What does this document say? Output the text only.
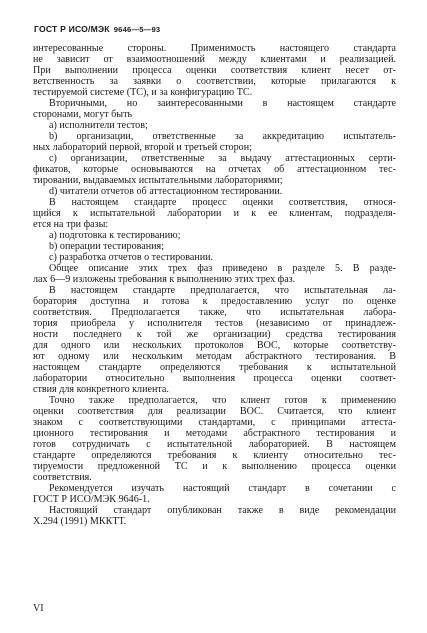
ГОСТ Р ИСО/МЭК 9646—5—93
интересованные стороны. Применимость настоящего стандарта
не зависит от взаимоотношений между клиентами и реализацией.
При выполнении процесса оценки соответствия клиент несет от-
ветственность за заявки о соответствии, которые прилагаются к
тестируемой системе (ТС), и за конфигурацию ТС.
Вторичными, но заинтересованными в настоящем стандарте
сторонами, могут быть
a) исполнители тестов;
b) организации, ответственные за аккредитацию испытатель-
ных лабораторий первой, второй и третьей сторон;
c) организации, ответственные за выдачу аттестационных серти-
фикатов, которые основываются на отчетах об аттестационном тес-
тировании, выдаваемых испытательными лабораториями;
d) читатели отчетов об аттестационном тестировании.
В настоящем стандарте процесс оценки соответствия, относя-
щийся к испытательной лаборатории и к ее клиентам, подразделя-
ется на три фазы:
a) подготовка к тестированию;
b) операции тестирования;
c) разработка отчетов о тестировании.
Общее описание этих трех фаз приведено в разделе 5. В разде-
лах 6—9 изложены требования к выполнению этих трех фаз.
В настоящем стандарте предполагается, что испытательная ла-
боратория доступна и готова к предоставлению услуг по оценке
соответствия. Предполагается также, что испытательная лабора-
тория приобрела у исполнителя тестов (независимо от принадлеж-
ности последнего к той же организации) средства тестирования
для одного или нескольких протоколов ВОС, которые соответству-
ют одному или нескольким методам абстрактного тестирования. В
настоящем стандарте определяются требования к испытательной
лаборатории относительно выполнения процесса оценки соответ-
ствия для конкретного клиента.
Точно также предполагается, что клиент готов к применению
оценки соответствия для реализации ВОС. Считается, что клиент
знаком с соответствующими стандартами, с принципами аттеста-
ционного тестирования и методами абстрактного тестирования и
готов сотрудничать с испытательной лабораторией. В настоящем
стандарте определяются требования к клиенту относительно тес-
тируемости предложенной ТС и к выполнению процесса оценки
соответствия.
Рекомендуется изучать настоящий стандарт в сочетании с
ГОСТ Р ИСО/МЭК 9646-1.
Настоящий стандарт опубликован также в виде рекомендации
X.294 (1991) МККТТ.
VI
